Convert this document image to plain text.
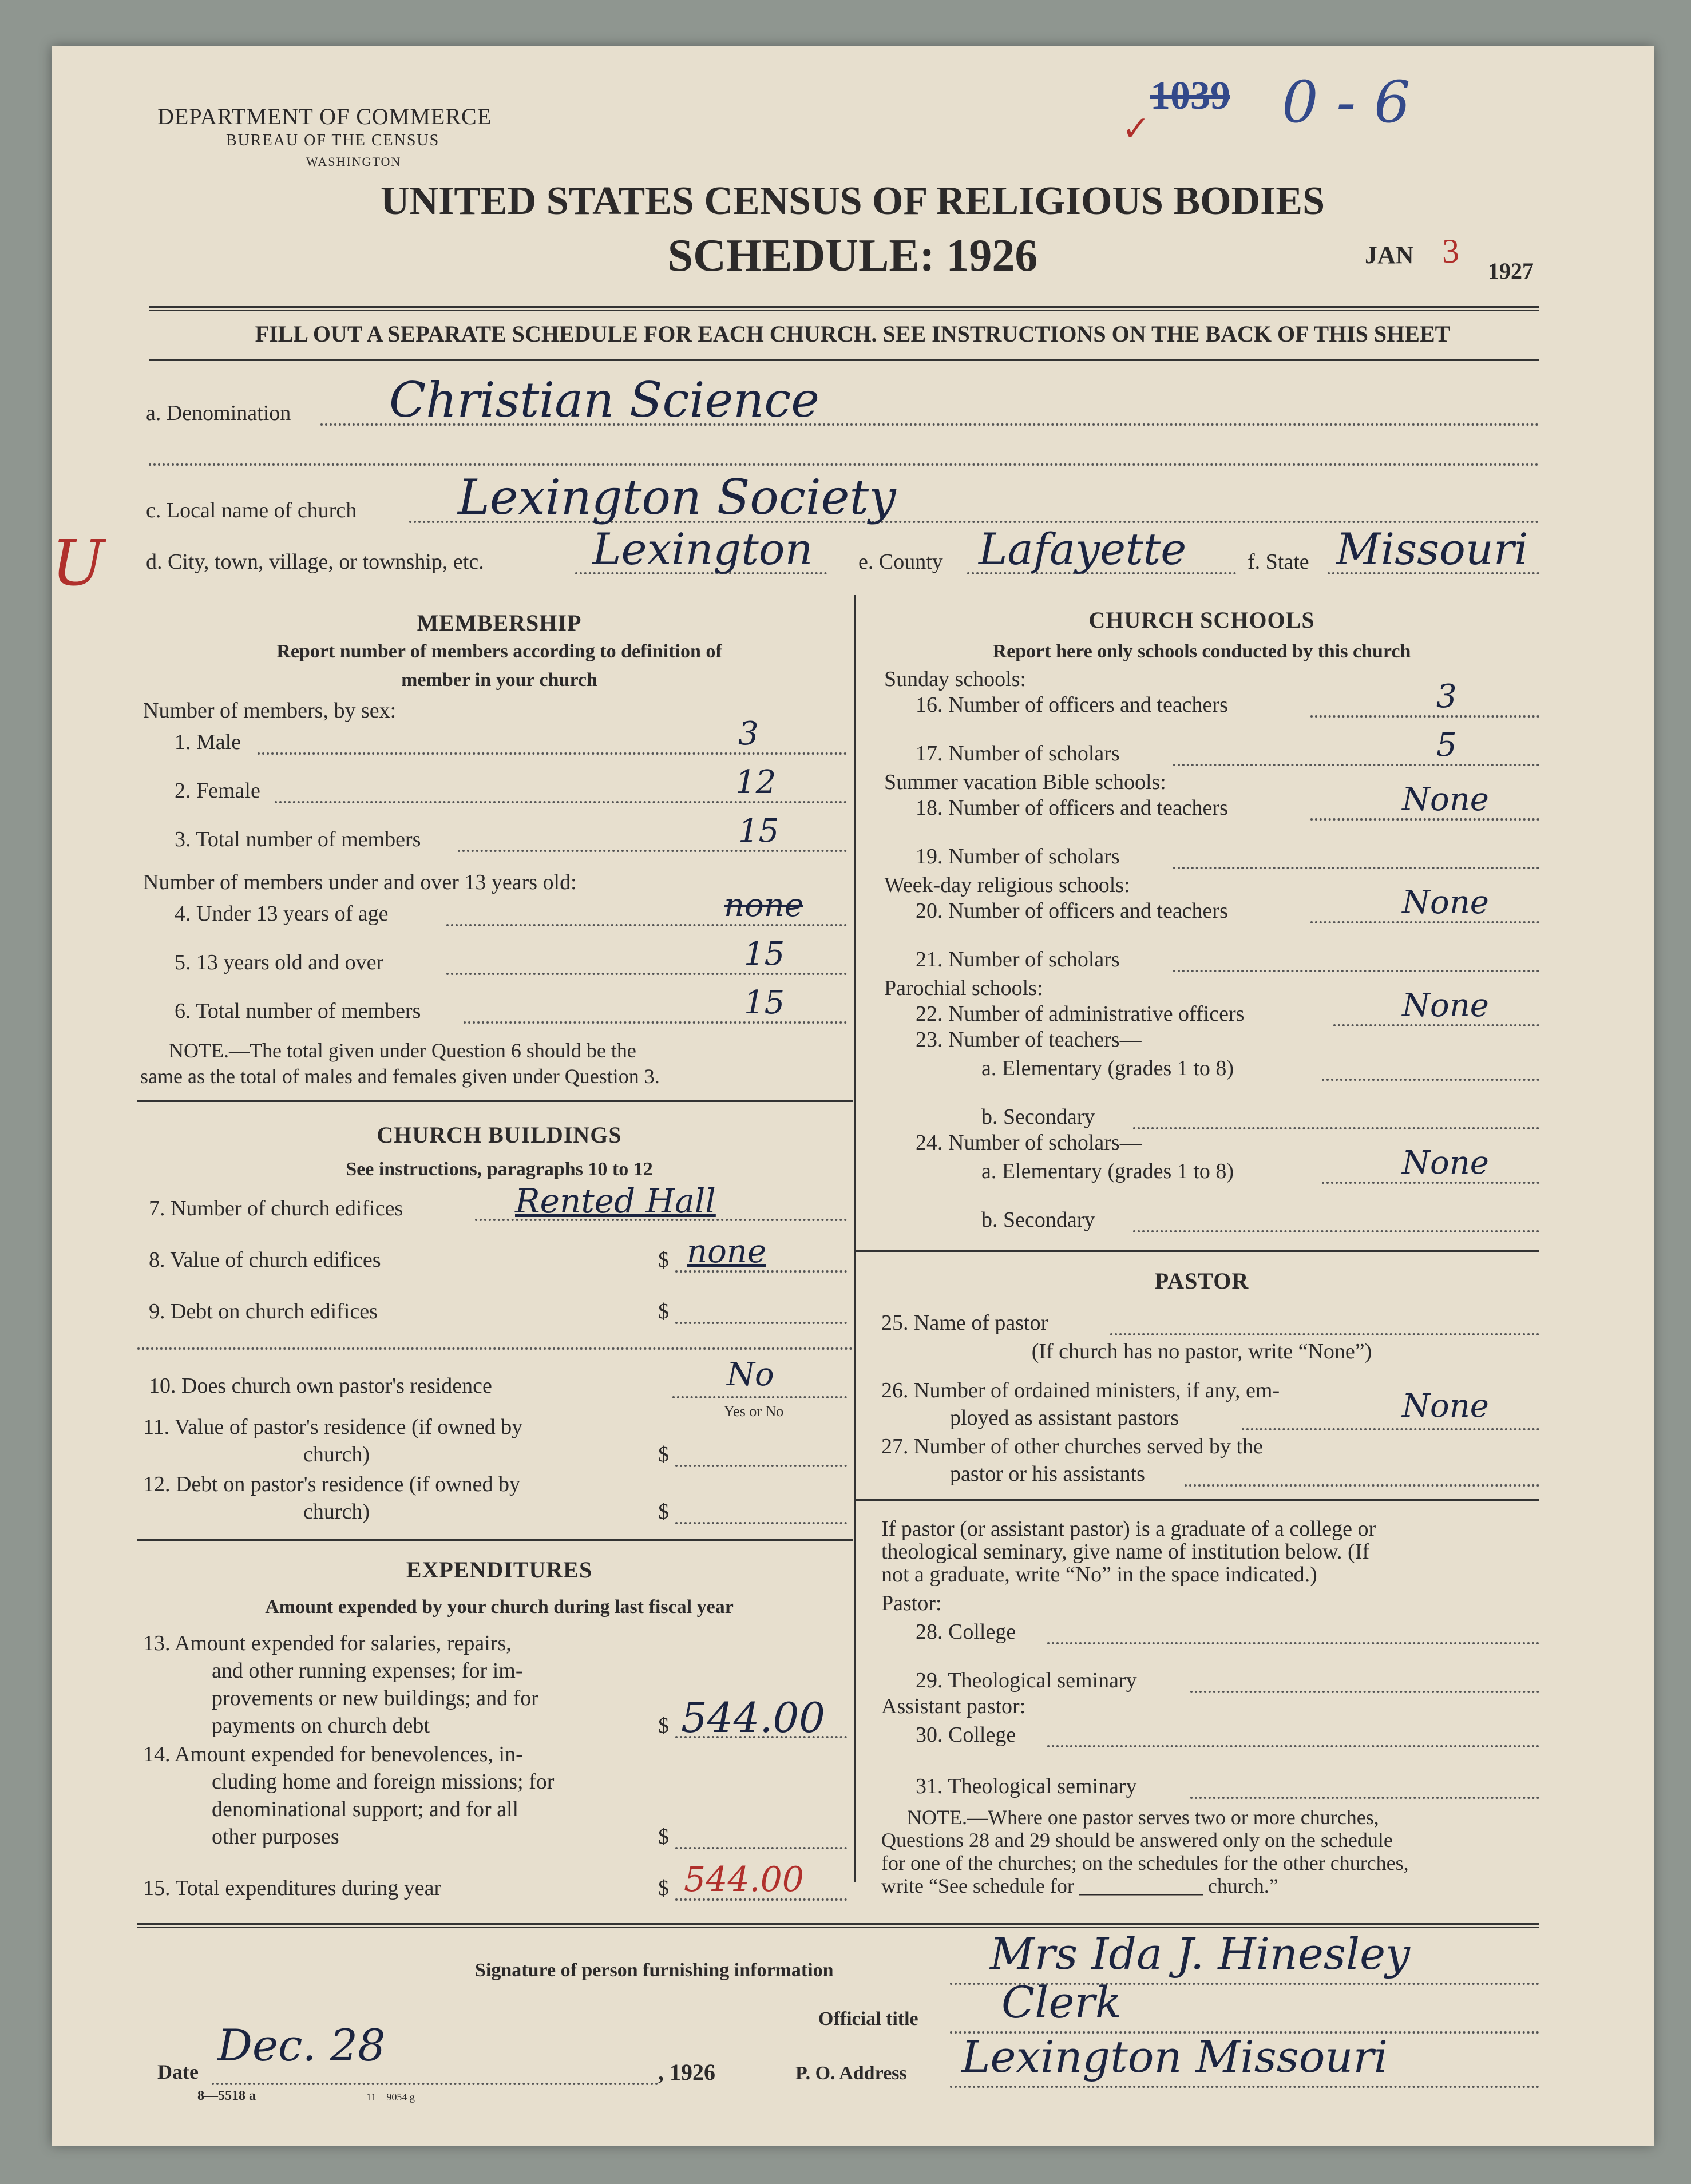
DEPARTMENT OF COMMERCE
BUREAU OF THE CENSUS
WASHINGTON
UNITED STATES CENSUS OF RELIGIOUS BODIES
SCHEDULE: 1926
1039 0 - 6
✓
JAN 3
1927
FILL OUT A SEPARATE SCHEDULE FOR EACH CHURCH. SEE INSTRUCTIONS ON THE BACK OF THIS SHEET
U
a. Denomination Christian Science
c. Local name of church Lexington Society
d. City, town, village, or township, etc. Lexington e. County Lafayette	f. State Missouri
MEMBERSHIP
Report number of members according to definition of
member in your church
Number of members, by sex:
1. Male	3
2. Female	12
3. Total number of members	15
Number of members under and over 13 years old:
4. Under 13 years of age	none
5. 13 years old and over	15
6. Total number of members	15
NOTE.—The total given under Question 6 should be the
same as the total of males and females given under Question 3.
CHURCH BUILDINGS
See instructions, paragraphs 10 to 12
7. Number of church edifices	Rented Hall
8. Value of church edifices	$ none
9. Debt on church edifices	$
10. Does church own pastor's residence	No
Yes or No
11. Value of pastor's residence (if owned by
church)	$
12. Debt on pastor's residence (if owned by
church)	$
EXPENDITURES
Amount expended by your church during last fiscal year
13. Amount expended for salaries, repairs,
and other running expenses; for im-
provements or new buildings; and for
payments on church debt	$ 544.00
14. Amount expended for benevolences, in-
cluding home and foreign missions; for
denominational support; and for all
other purposes	$
15. Total expenditures during year	$ 544.00
CHURCH SCHOOLS
Report here only schools conducted by this church
Sunday schools:
16. Number of officers and teachers	3
17. Number of scholars	5
Summer vacation Bible schools:
18. Number of officers and teachers	None
19. Number of scholars
Week-day religious schools:
20. Number of officers and teachers	None
21. Number of scholars
Parochial schools:
22. Number of administrative officers	None
23. Number of teachers—
a. Elementary (grades 1 to 8)
b. Secondary
24. Number of scholars—
a. Elementary (grades 1 to 8)	None
b. Secondary
PASTOR
25. Name of pastor
(If church has no pastor, write “None”)
26. Number of ordained ministers, if any, em-
ployed as assistant pastors	None
27. Number of other churches served by the
pastor or his assistants
If pastor (or assistant pastor) is a graduate of a college or
theological seminary, give name of institution below. (If
not a graduate, write “No” in the space indicated.)
Pastor:
28. College
29. Theological seminary
Assistant pastor:
30. College
31. Theological seminary
NOTE.—Where one pastor serves two or more churches,
Questions 28 and 29 should be answered only on the schedule
for one of the churches; on the schedules for the other churches,
write “See schedule for ____________ church.”
Signature of person furnishing information	Mrs Ida J. Hinesley
Official title Clerk
Date
Dec. 28
, 1926	P. O. Address Lexington Missouri
8—5518 a	11—9054 g
